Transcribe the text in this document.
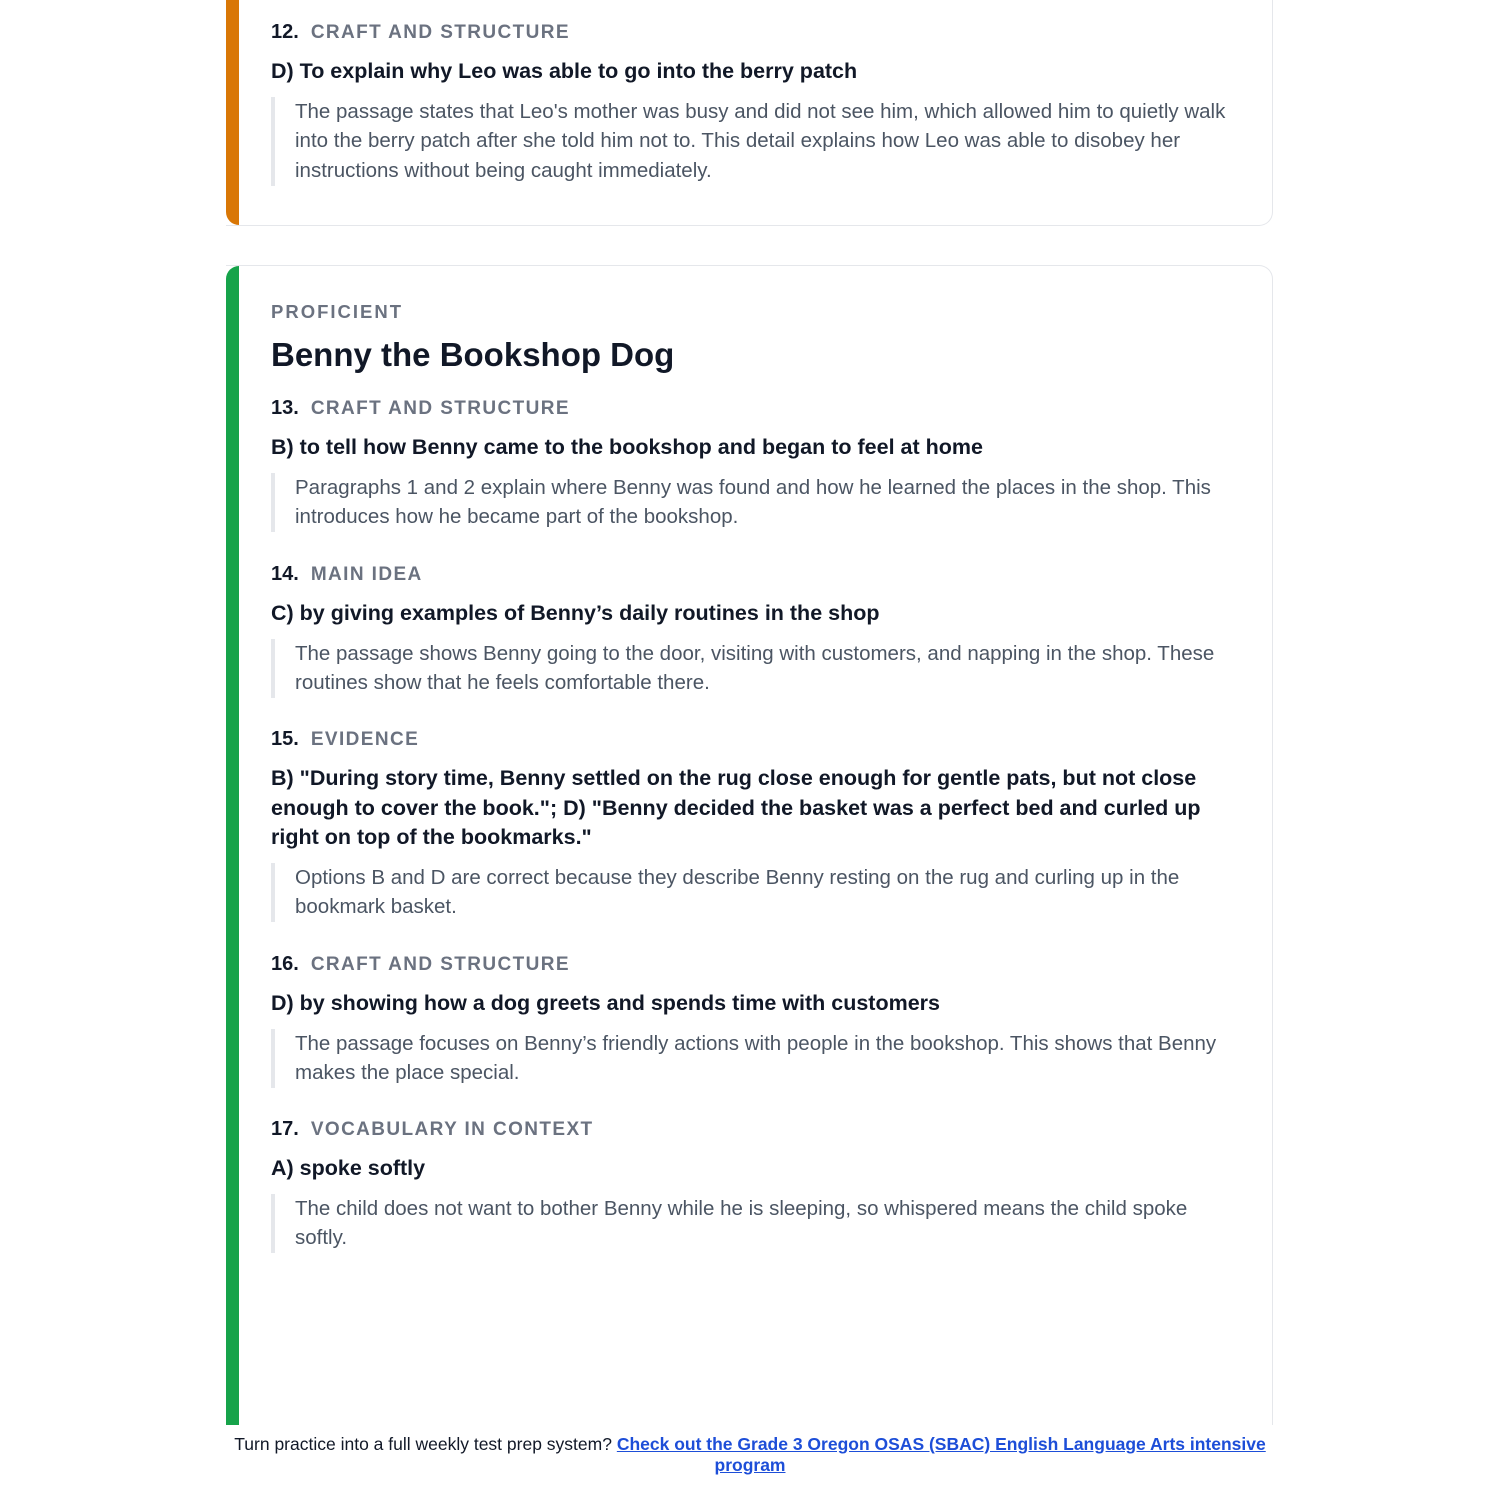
12. CRAFT AND STRUCTURE
D) To explain why Leo was able to go into the berry patch
The passage states that Leo's mother was busy and did not see him, which allowed him to quietly walk into the berry patch after she told him not to. This detail explains how Leo was able to disobey her instructions without being caught immediately.
PROFICIENT
Benny the Bookshop Dog
13. CRAFT AND STRUCTURE
B) to tell how Benny came to the bookshop and began to feel at home
Paragraphs 1 and 2 explain where Benny was found and how he learned the places in the shop. This introduces how he became part of the bookshop.
14. MAIN IDEA
C) by giving examples of Benny’s daily routines in the shop
The passage shows Benny going to the door, visiting with customers, and napping in the shop. These routines show that he feels comfortable there.
15. EVIDENCE
B) "During story time, Benny settled on the rug close enough for gentle pats, but not close enough to cover the book."; D) "Benny decided the basket was a perfect bed and curled up right on top of the bookmarks."
Options B and D are correct because they describe Benny resting on the rug and curling up in the bookmark basket.
16. CRAFT AND STRUCTURE
D) by showing how a dog greets and spends time with customers
The passage focuses on Benny’s friendly actions with people in the bookshop. This shows that Benny makes the place special.
17. VOCABULARY IN CONTEXT
A) spoke softly
The child does not want to bother Benny while he is sleeping, so whispered means the child spoke softly.
Turn practice into a full weekly test prep system? Check out the Grade 3 Oregon OSAS (SBAC) English Language Arts intensive program
